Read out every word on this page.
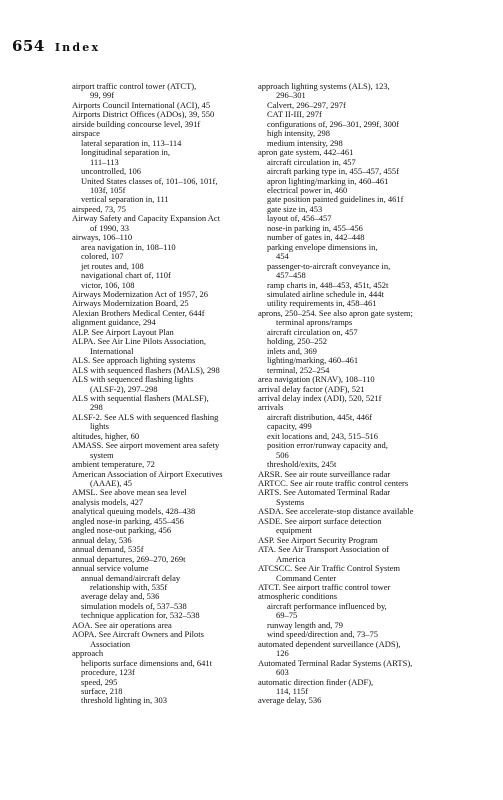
654 Index
airport traffic control tower (ATCT),
99, 99f
Airports Council International (ACI), 45
Airports District Offices (ADOs), 39, 550
airside building concourse level, 391f
airspace
lateral separation in, 113–114
longitudinal separation in,
111–113
uncontrolled, 106
United States classes of, 101–106, 101f,
103f, 105f
vertical separation in, 111
airspeed, 73, 75
Airway Safety and Capacity Expansion Act
of 1990, 33
airways, 106–110
area navigation in, 108–110
colored, 107
jet routes and, 108
navigational chart of, 110f
victor, 106, 108
Airways Modernization Act of 1957, 26
Airways Modernization Board, 25
Alexian Brothers Medical Center, 644f
alignment guidance, 294
ALP. See Airport Layout Plan
ALPA. See Air Line Pilots Association,
International
ALS. See approach lighting systems
ALS with sequenced flashers (MALS), 298
ALS with sequenced flashing lights
(ALSF-2), 297–298
ALS with sequential flashers (MALSF),
298
ALSF-2. See ALS with sequenced flashing
lights
altitudes, higher, 60
AMASS. See airport movement area safety
system
ambient temperature, 72
American Association of Airport Executives
(AAAE), 45
AMSL. See above mean sea level
analysis models, 427
analytical queuing models, 428–438
angled nose-in parking, 455–456
angled nose-out parking, 456
annual delay, 536
annual demand, 535f
annual departures, 269–270, 269t
annual service volume
annual demand/aircraft delay
relationship with, 535f
average delay and, 536
simulation models of, 537–538
technique application for, 532–538
AOA. See air operations area
AOPA. See Aircraft Owners and Pilots
Association
approach
heliports surface dimensions and, 641t
procedure, 123f
speed, 295
surface, 218
threshold lighting in, 303
approach lighting systems (ALS), 123,
296–301
Calvert, 296–297, 297f
CAT II-III, 297f
configurations of, 296–301, 299f, 300f
high intensity, 298
medium intensity, 298
apron gate system, 442–461
aircraft circulation in, 457
aircraft parking type in, 455–457, 455f
apron lighting/marking in, 460–461
electrical power in, 460
gate position painted guidelines in, 461f
gate size in, 453
layout of, 456–457
nose-in parking in, 455–456
number of gates in, 442–448
parking envelope dimensions in,
454
passenger-to-aircraft conveyance in,
457–458
ramp charts in, 448–453, 451t, 452t
simulated airline schedule in, 444t
utility requirements in, 458–461
aprons, 250–254. See also apron gate system;
terminal aprons/ramps
aircraft circulation on, 457
holding, 250–252
inlets and, 369
lighting/marking, 460–461
terminal, 252–254
area navigation (RNAV), 108–110
arrival delay factor (ADF), 521
arrival delay index (ADI), 520, 521f
arrivals
aircraft distribution, 445t, 446f
capacity, 499
exit locations and, 243, 515–516
position error/runway capacity and,
506
threshold/exits, 245t
ARSR. See air route surveillance radar
ARTCC. See air route traffic control centers
ARTS. See Automated Terminal Radar
Systems
ASDA. See accelerate-stop distance available
ASDE. See airport surface detection
equipment
ASP. See Airport Security Program
ATA. See Air Transport Association of
America
ATCSCC. See Air Traffic Control System
Command Center
ATCT. See airport traffic control tower
atmospheric conditions
aircraft performance influenced by,
69–75
runway length and, 79
wind speed/direction and, 73–75
automated dependent surveillance (ADS),
126
Automated Terminal Radar Systems (ARTS),
603
automatic direction finder (ADF),
114, 115f
average delay, 536
